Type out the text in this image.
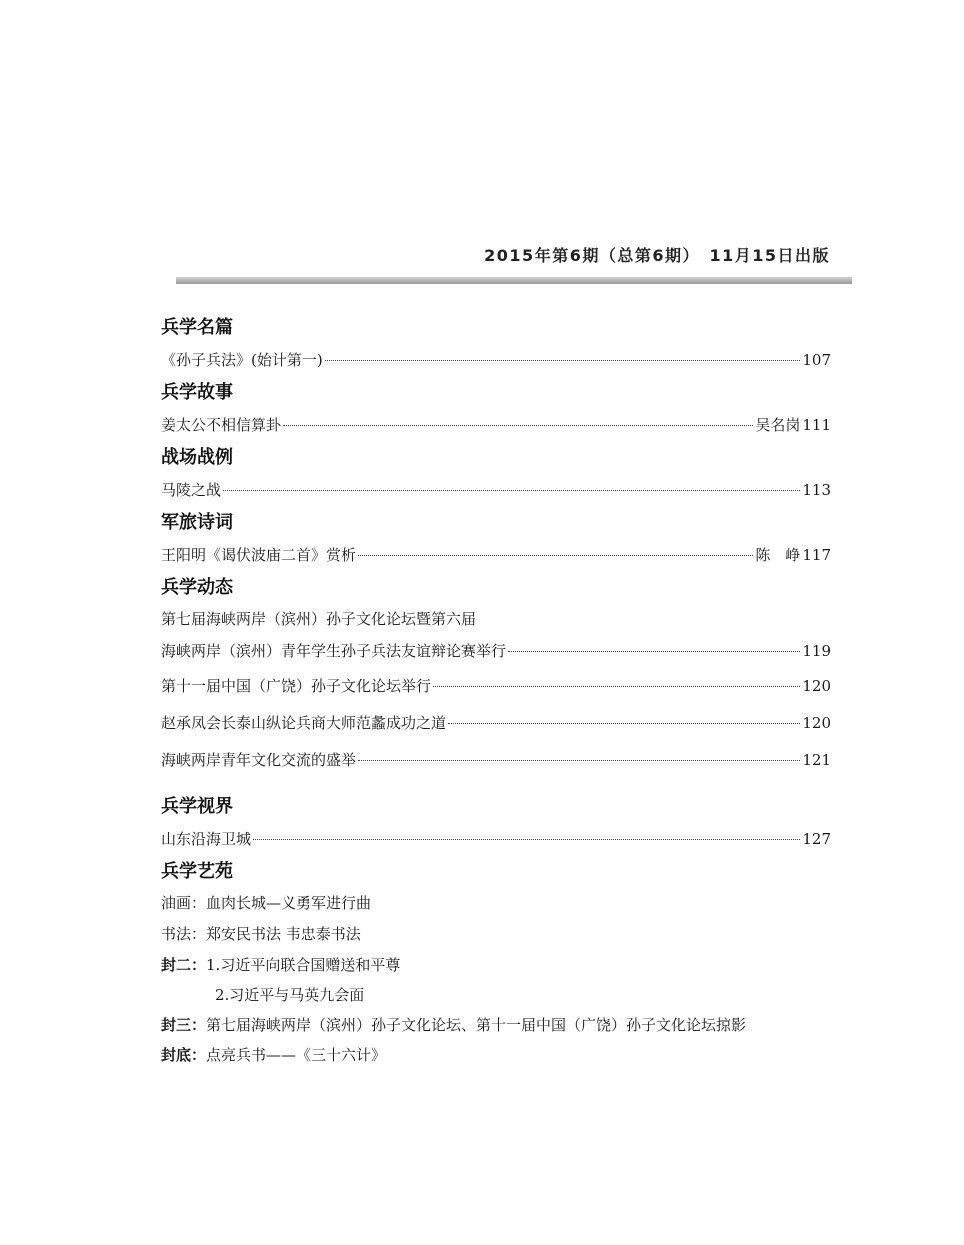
2015年第6期（总第6期）　11月15日出版
兵学名篇
《孙子兵法》(始计第一)	107
兵学故事
姜太公不相信算卦	吴名岗 111
战场战例
马陵之战	113
军旅诗词
王阳明《谒伏波庙二首》赏析	陈　峥 117
兵学动态
第七届海峡两岸（滨州）孙子文化论坛暨第六届
海峡两岸（滨州）青年学生孙子兵法友谊辩论赛举行	119
第十一届中国（广饶）孙子文化论坛举行	120
赵承凤会长泰山纵论兵商大师范蠡成功之道	120
海峡两岸青年文化交流的盛举	121
兵学视界
山东沿海卫城	127
兵学艺苑
油画：血肉长城—义勇军进行曲
书法：郑安民书法 韦忠泰书法
封二：1.习近平向联合国赠送和平尊
2.习近平与马英九会面
封三：第七届海峡两岸（滨州）孙子文化论坛、第十一届中国（广饶）孙子文化论坛掠影
封底：点亮兵书——《三十六计》
